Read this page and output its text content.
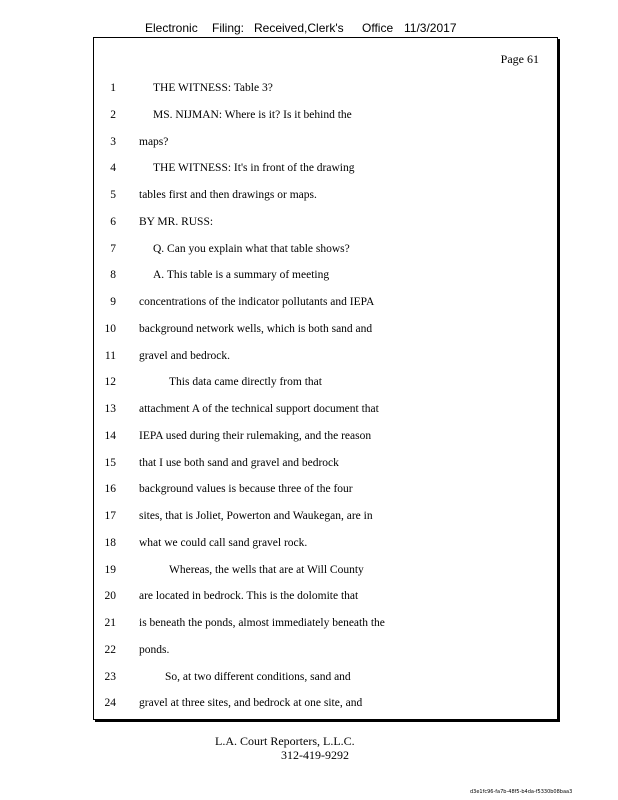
Electronic Filing: Received,Clerk's Office 11/3/2017
Page 61
1	THE WITNESS: Table 3?
2	MS. NIJMAN: Where is it? Is it behind the
3 maps?
4	THE WITNESS: It's in front of the drawing
5 tables first and then drawings or maps.
6 BY MR. RUSS:
7	Q. Can you explain what that table shows?
8	A. This table is a summary of meeting
9 concentrations of the indicator pollutants and IEPA
10 background network wells, which is both sand and
11 gravel and bedrock.
12	This data came directly from that
13 attachment A of the technical support document that
14 IEPA used during their rulemaking, and the reason
15 that I use both sand and gravel and bedrock
16 background values is because three of the four
17 sites, that is Joliet, Powerton and Waukegan, are in
18 what we could call sand gravel rock.
19	Whereas, the wells that are at Will County
20 are located in bedrock. This is the dolomite that
21 is beneath the ponds, almost immediately beneath the
22 ponds.
23	So, at two different conditions, sand and
24 gravel at three sites, and bedrock at one site, and
L.A. Court Reporters, L.L.C.
312-419-9292
d3e1fc96-fa7b-48f5-b4da-f5330b08baa3
